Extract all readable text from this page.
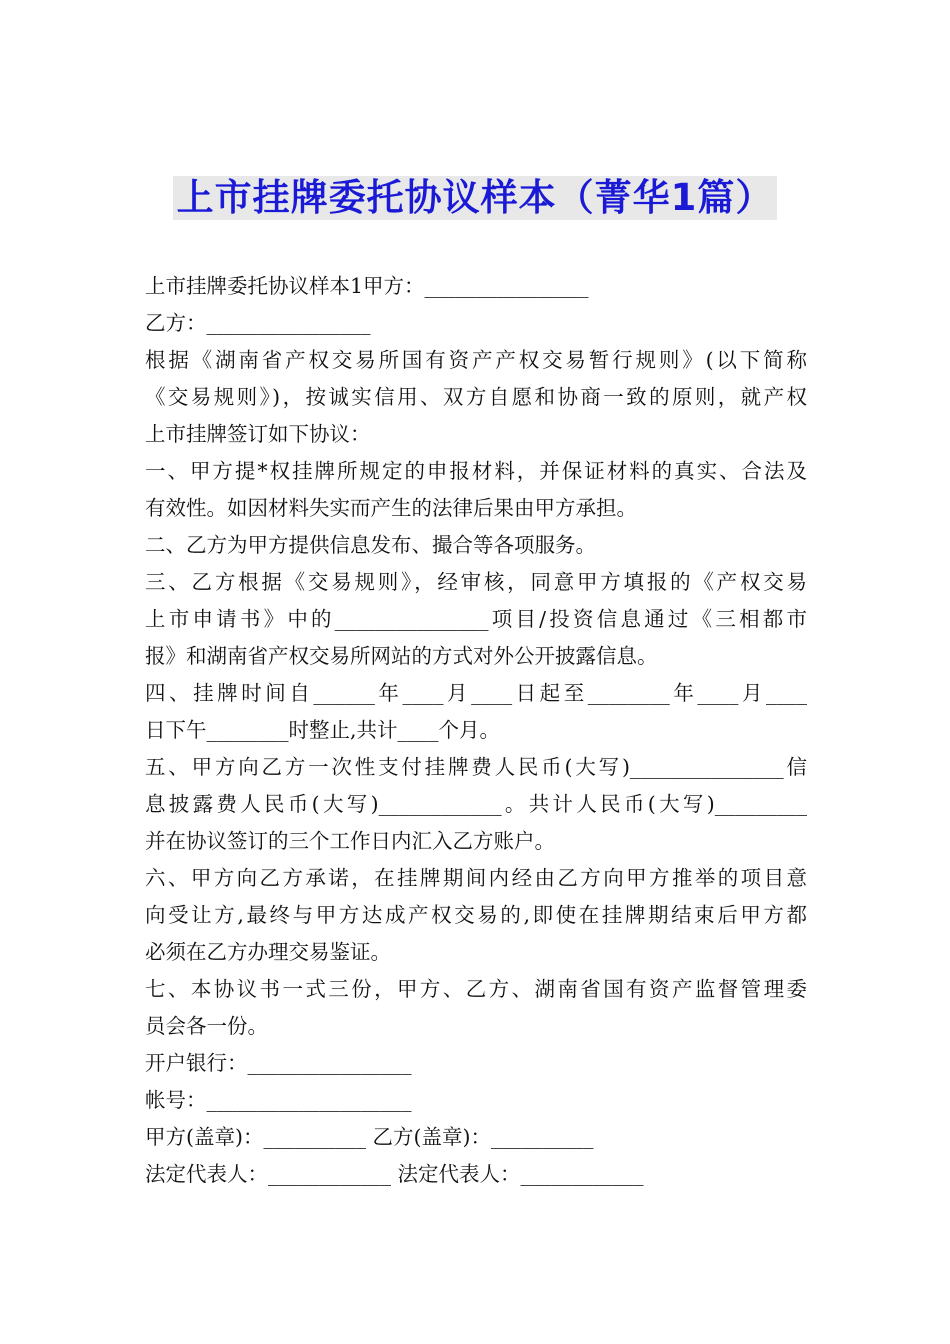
上市挂牌委托协议样本（菁华1篇）
上市挂牌委托协议样本1甲方：________________
乙方：________________
根据《湖南省产权交易所国有资产产权交易暂行规则》(以下简称
《交易规则》)，按诚实信用、双方自愿和协商一致的原则，就产权
上市挂牌签订如下协议：
一、甲方提*权挂牌所规定的申报材料，并保证材料的真实、合法及
有效性。如因材料失实而产生的法律后果由甲方承担。
二、乙方为甲方提供信息发布、撮合等各项服务。
三、乙方根据《交易规则》，经审核，同意甲方填报的《产权交易
上市申请书》中的_______________项目/投资信息通过《三相都市
报》和湖南省产权交易所网站的方式对外公开披露信息。
四、挂牌时间自______年____月____日起至________年____月____
日下午________时整止,共计____个月。
五、甲方向乙方一次性支付挂牌费人民币(大写)_______________信
息披露费人民币(大写)____________。共计人民币(大写)_________
并在协议签订的三个工作日内汇入乙方账户。
六、甲方向乙方承诺，在挂牌期间内经由乙方向甲方推举的项目意
向受让方,最终与甲方达成产权交易的,即使在挂牌期结束后甲方都
必须在乙方办理交易鉴证。
七、本协议书一式三份，甲方、乙方、湖南省国有资产监督管理委
员会各一份。
开户银行：________________
帐号：____________________
甲方(盖章)：__________ 乙方(盖章)：__________
法定代表人：____________ 法定代表人：____________
